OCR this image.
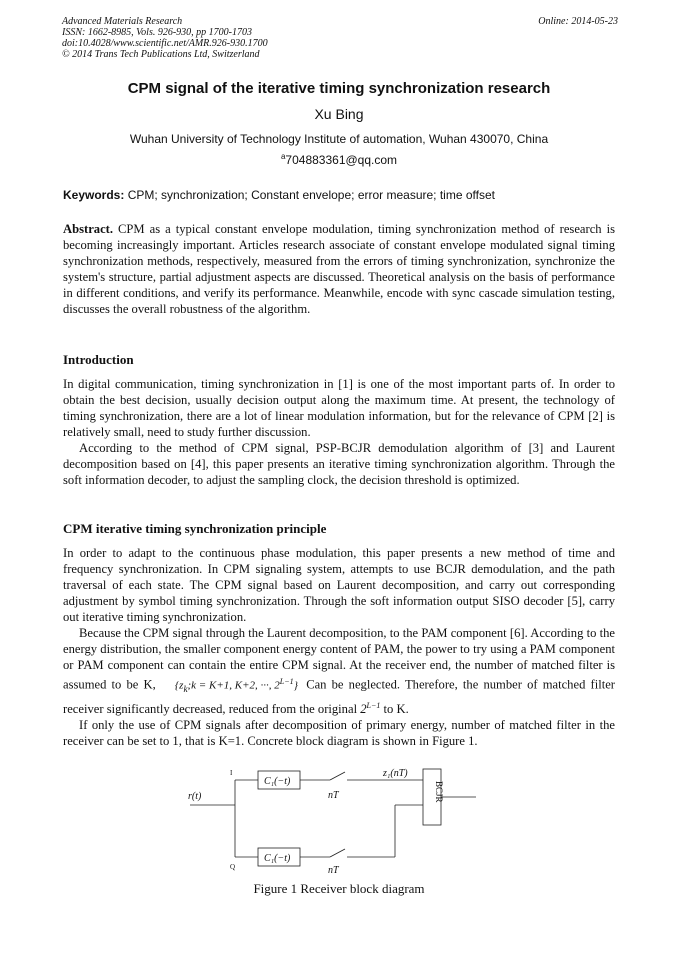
Advanced Materials Research
ISSN: 1662-8985, Vols. 926-930, pp 1700-1703
doi:10.4028/www.scientific.net/AMR.926-930.1700
© 2014 Trans Tech Publications Ltd, Switzerland
Online: 2014-05-23
CPM signal of the iterative timing synchronization research
Xu Bing
Wuhan University of Technology Institute of automation, Wuhan 430070, China
$^a$704883361@qq.com
Keywords: CPM; synchronization; Constant envelope; error measure; time offset

Abstract. CPM as a typical constant envelope modulation, timing synchronization method of research is becoming increasingly important. Articles research associate of constant envelope modulated signal timing synchronization methods, respectively, measured from the errors of timing synchronization, synchronize the system's structure, partial adjustment aspects are discussed. Theoretical analysis on the basis of performance in different conditions, and verify its performance. Meanwhile, encode with sync cascade simulation testing, discusses the overall robustness of the algorithm.

Introduction

In digital communication, timing synchronization in [1] is one of the most important parts of. In order to obtain the best decision, usually decision output along the maximum time. At present, the technology of timing synchronization, there are a lot of linear modulation information, but for the relevance of CPM [2] is relatively small, need to study further discussion.

According to the method of CPM signal, PSP-BCJR demodulation algorithm of [3] and Laurent decomposition based on [4], this paper presents an iterative timing synchronization algorithm. Through the soft information decoder, to adjust the sampling clock, the decision threshold is optimized.

CPM iterative timing synchronization principle

In order to adapt to the continuous phase modulation, this paper presents a new method of time and frequency synchronization. In CPM signaling system, attempts to use BCJR demodulation, and the path traversal of each state. The CPM signal based on Laurent decomposition, and carry out corresponding adjustment by symbol timing synchronization. Through the soft information output SISO decoder [5], carry out iterative timing synchronization.

Because the CPM signal through the Laurent decomposition, to the PAM component [6]. According to the energy distribution, the smaller component energy content of PAM, the power to try using a PAM component or PAM component can contain the entire CPM signal. At the receiver end, the number of matched filter is assumed to be K, {$z_k;k = K+1$, K+2, ···, $2^{L-1}$} Can be neglected. Therefore, the number of matched filter receiver significantly decreased, reduced from the original $2^{L-1}$ to K.

If only the use of CPM signals after decomposition of primary energy, number of matched filter in the receiver can be set to 1, that is K=1. Concrete block diagram is shown in Figure 1.

r(t)
I
Q
C₁(−t)
C₁(−t)
nT
nT
z₁(nT)
BCJR
Figure 1 Receiver block diagram
